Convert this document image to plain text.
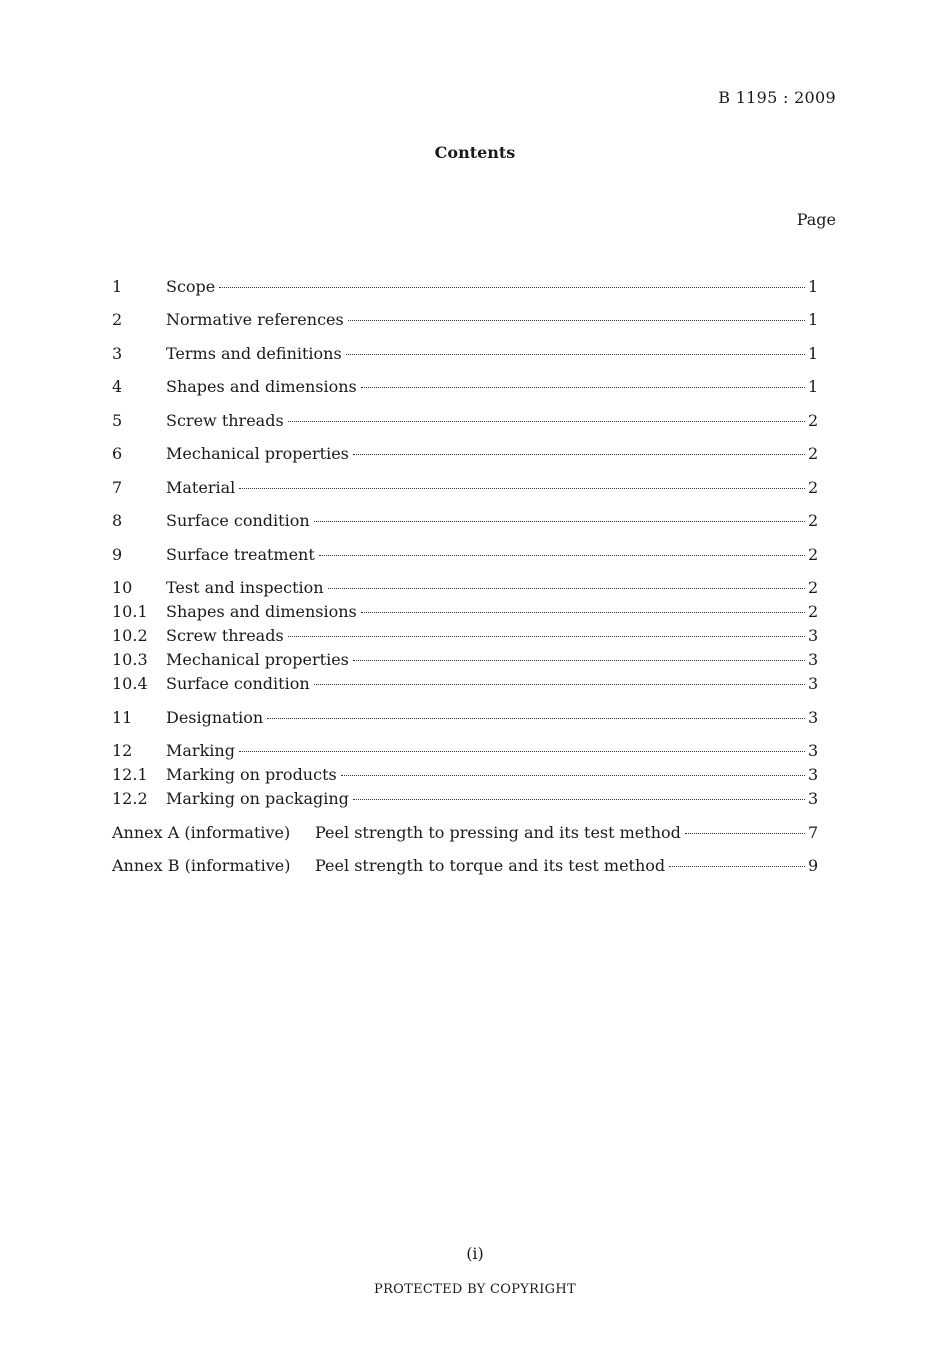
B 1195 : 2009
Contents
Page
1	Scope	1
2	Normative references	1
3	Terms and definitions	1
4	Shapes and dimensions	1
5	Screw threads	2
6	Mechanical properties	2
7	Material	2
8	Surface condition	2
9	Surface treatment	2
10	Test and inspection	2
10.1	Shapes and dimensions	2
10.2	Screw threads	3
10.3	Mechanical properties	3
10.4	Surface condition	3
11	Designation	3
12	Marking	3
12.1	Marking on products	3
12.2	Marking on packaging	3
Annex A (informative)	Peel strength to pressing and its test method	7
Annex B (informative)	Peel strength to torque and its test method	9
(i)
PROTECTED BY COPYRIGHT
